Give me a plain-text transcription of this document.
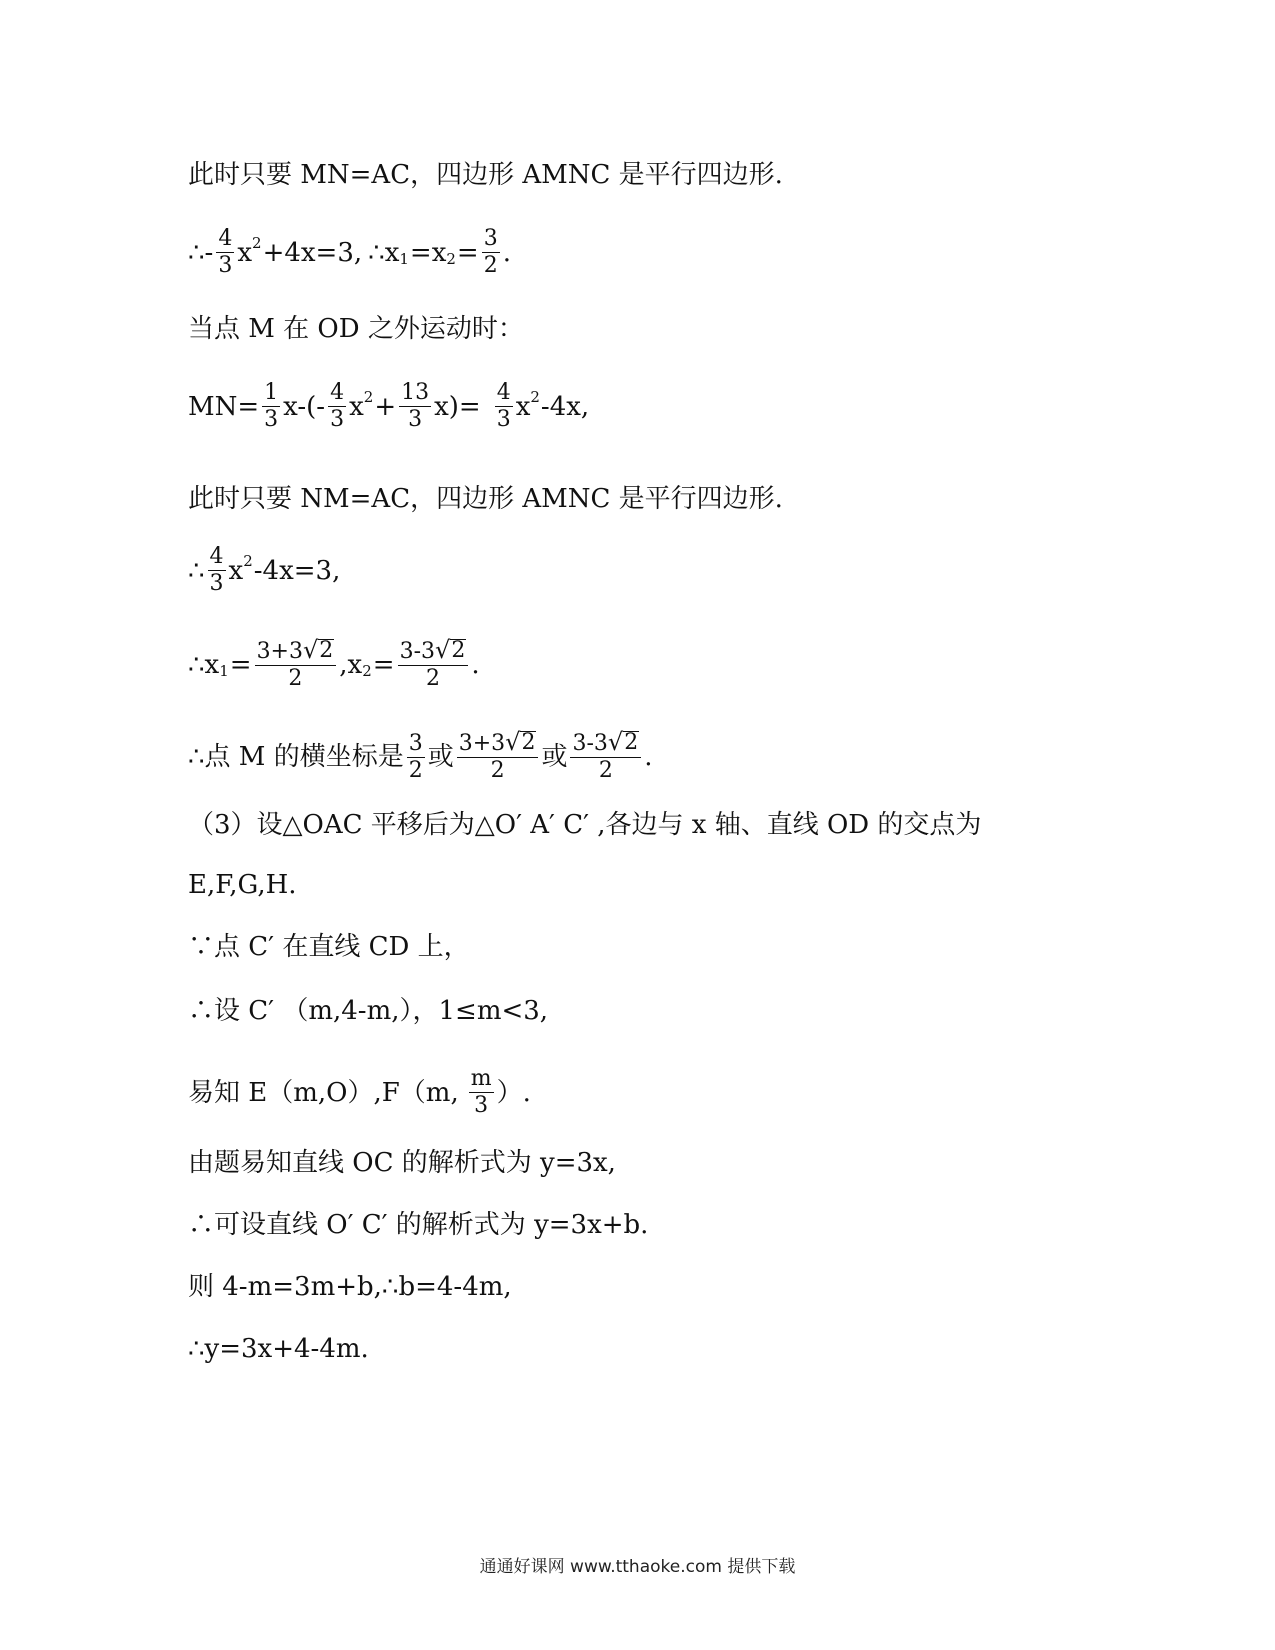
此时只要 MN=AC，四边形 AMNC 是平行四边形.
∴ - $\frac{4}{3}$ x 2 +4x=3, ∴ x 1 =x $2 = \frac{3}{2}$ .
当点 M 在 OD 之外运动时：
$MN= \frac{1}{3} x-(- \frac{4}{3}$ x $2 + \frac{13}{3} x)= \frac{4}{3}$ x 2 -4x,
此时只要 NM=AC，四边形 AMNC 是平行四边形.
∴ $\frac{4}{3}$ x 2 -4x=3,
∴ x $1 = \frac{3+3 √ 2}{2} ,x$ $2 = \frac{3-3 √ 2}{2}$ .
∴ 点 M 的横坐标是 $\frac{3}{2}$ 或 $\frac{3+3 √ 2}{2}$ 或 $\frac{3-3 √ 2}{2}$ .
（3）设△OAC 平移后为△O′ A′ C′ ,各边与 x 轴、直线 OD 的交点为
E,F,G,H.
∵点 C′ 在直线 CD 上，
∴设 C′ （m,4-m,），1≤m<3,
易知 E（m,O）,F（m, $\frac{m}{3}$ ）.
由题易知直线 OC 的解析式为 y=3x,
∴可设直线 O′ C′ 的解析式为 y=3x+b.
则 4-m=3m+b,∴b=4-4m,
∴y=3x+4-4m.
通通好课网 www.tthaoke.com 提供下载
